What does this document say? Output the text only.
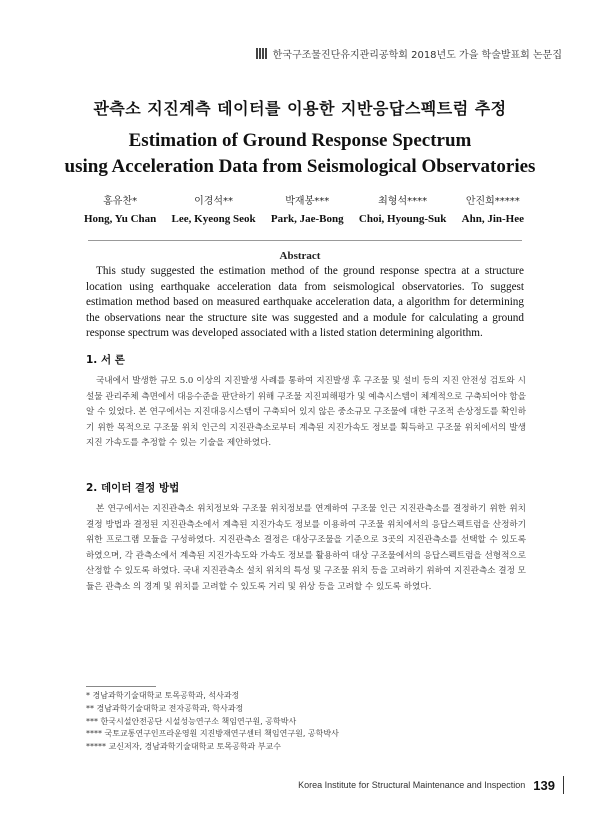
한국구조물진단유지관리공학회 2018년도 가을 학술발표회 논문집
관측소 지진계측 데이터를 이용한 지반응답스펙트럼 추정
Estimation of Ground Response Spectrum
using Acceleration Data from Seismological Observatories
홍유찬*
Hong, Yu Chan
이경석**
Lee, Kyeong Seok
박재봉***
Park, Jae-Bong
최형석****
Choi, Hyoung-Suk
안진희*****
Ahn, Jin-Hee
Abstract

This study suggested the estimation method of the ground response spectra at a structure location using earthquake acceleration data from seismological observatories. To suggest estimation method based on measured earthquake acceleration data, a algorithm for determining the observations near the structure site was suggested and a module for calculating a ground response spectrum was developed associated with a listed station determining algorithm.

1. 서 론

국내에서 발생한 규모 5.0 이상의 지진발생 사례를 통하여 지진발생 후 구조물 및 설비 등의 지진 안전성 검토와 시설물 관리주체 측면에서 대응수준을 판단하기 위해 구조물 지진피해평가 및 예측시스템이 체계적으로 구축되어야 함을 알 수 있었다. 본 연구에서는 지진대응시스템이 구축되어 있지 않은 중소규모 구조물에 대한 구조적 손상정도를 확인하기 위한 목적으로 구조물 위치 인근의 지진관측소로부터 계측된 지진가속도 정보를 획득하고 구조물 위치에서의 발생 지진 가속도를 추정할 수 있는 기술을 제안하였다.

2. 데이터 결정 방법

본 연구에서는 지진관측소 위치정보와 구조물 위치정보를 연계하여 구조물 인근 지진관측소를 결정하기 위한 위치결정 방법과 결정된 지진관측소에서 계측된 지진가속도 정보를 이용하여 구조물 위치에서의 응답스펙트럼을 산정하기 위한 프로그램 모듈을 구성하였다. 지진관측소 결정은 대상구조물을 기준으로 3곳의 지진관측소를 선택할 수 있도록 하였으며, 각 관측소에서 계측된 지진가속도와 가속도 정보를 활용하여 대상 구조물에서의 응답스펙트럼을 선형적으로 산정할 수 있도록 하였다. 국내 지진관측소 설치 위치의 특성 및 구조물 위치 등을 고려하기 위하여 지진관측소 결정 모듈은 관측소 의 경계 및 위치를 고려할 수 있도록 거리 및 위상 등을 고려할 수 있도록 하였다.

* 경남과학기술대학교 토목공학과, 석사과정
** 경남과학기술대학교 전자공학과, 학사과정
*** 한국시설안전공단 시설성능연구소 책임연구원, 공학박사
**** 국토교통연구인프라운영원 지진방재연구센터 책임연구원, 공학박사
***** 교신저자, 경남과학기술대학교 토목공학과 부교수
Korea Institute for Structural Maintenance and Inspection 139
